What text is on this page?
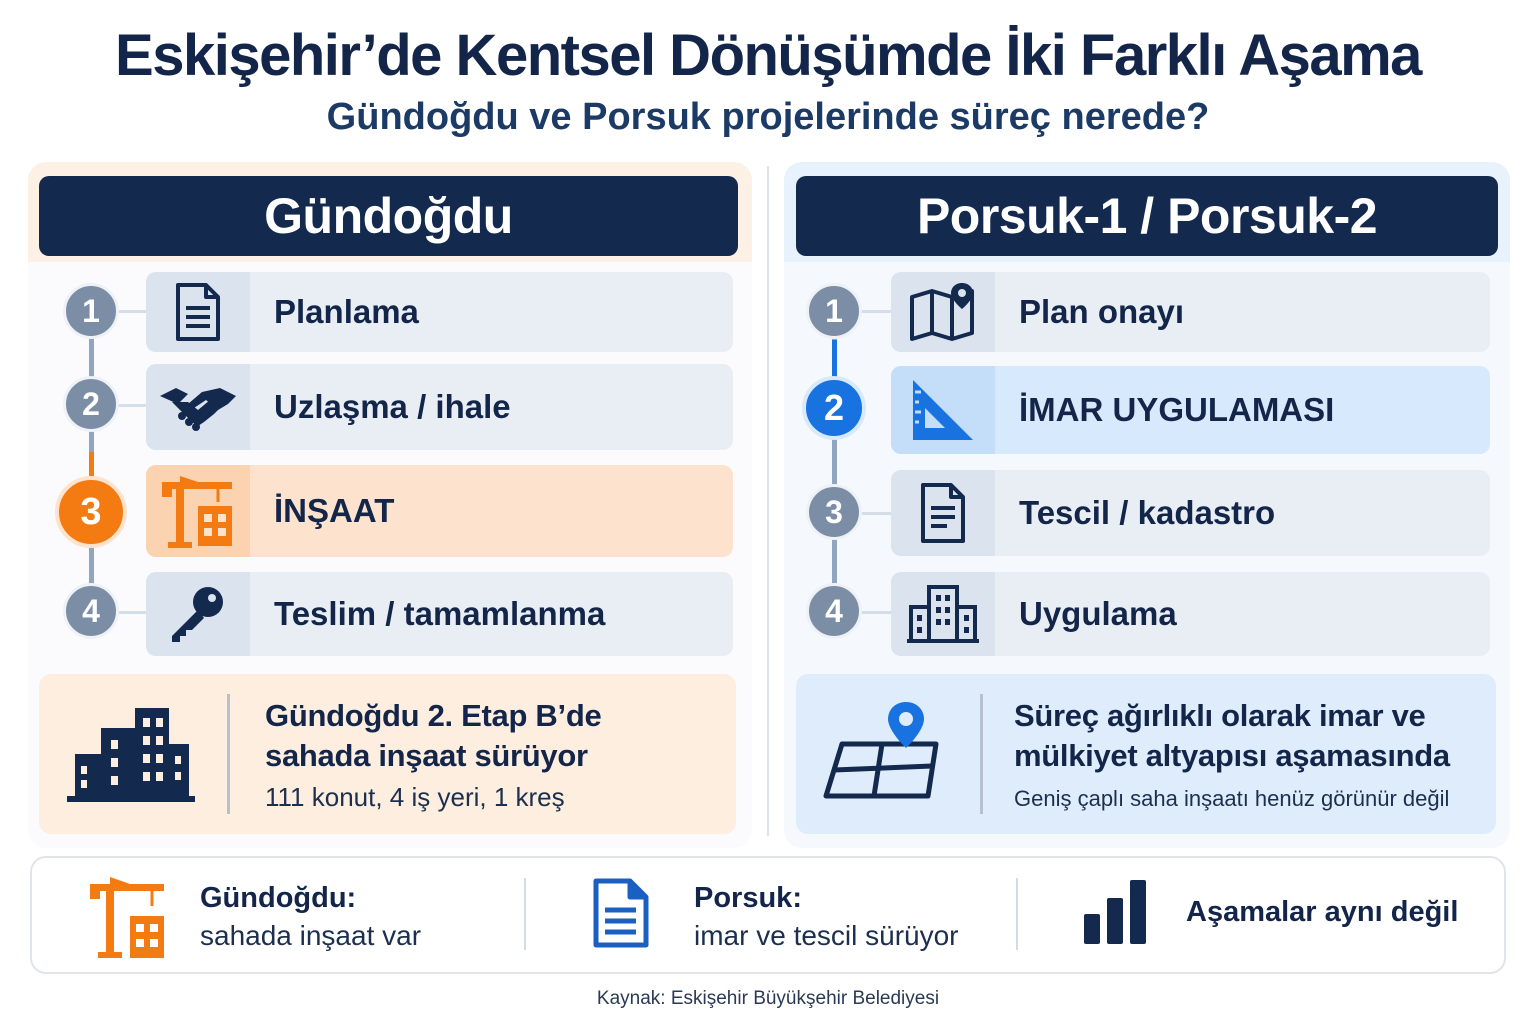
Eskişehir’de Kentsel Dönüşümde İki Farklı Aşama
Gündoğdu ve Porsuk projelerinde süreç nerede?
Gündoğdu
1	Planlama
2	Uzlaşma / ihale
3	İNŞAAT
4	Teslim / tamamlanma
Gündoğdu 2. Etap B’de
sahada inşaat sürüyor
111 konut, 4 iş yeri, 1 kreş
Porsuk-1 / Porsuk-2
1	Plan onayı
2	İMAR UYGULAMASI
3	Tescil / kadastro
4	Uygulama
Süreç ağırlıklı olarak imar ve
mülkiyet altyapısı aşamasında
Geniş çaplı saha inşaatı henüz görünür değil
Gündoğdu:
sahada inşaat var
Porsuk:
imar ve tescil sürüyor
Aşamalar aynı değil
Kaynak: Eskişehir Büyükşehir Belediyesi
